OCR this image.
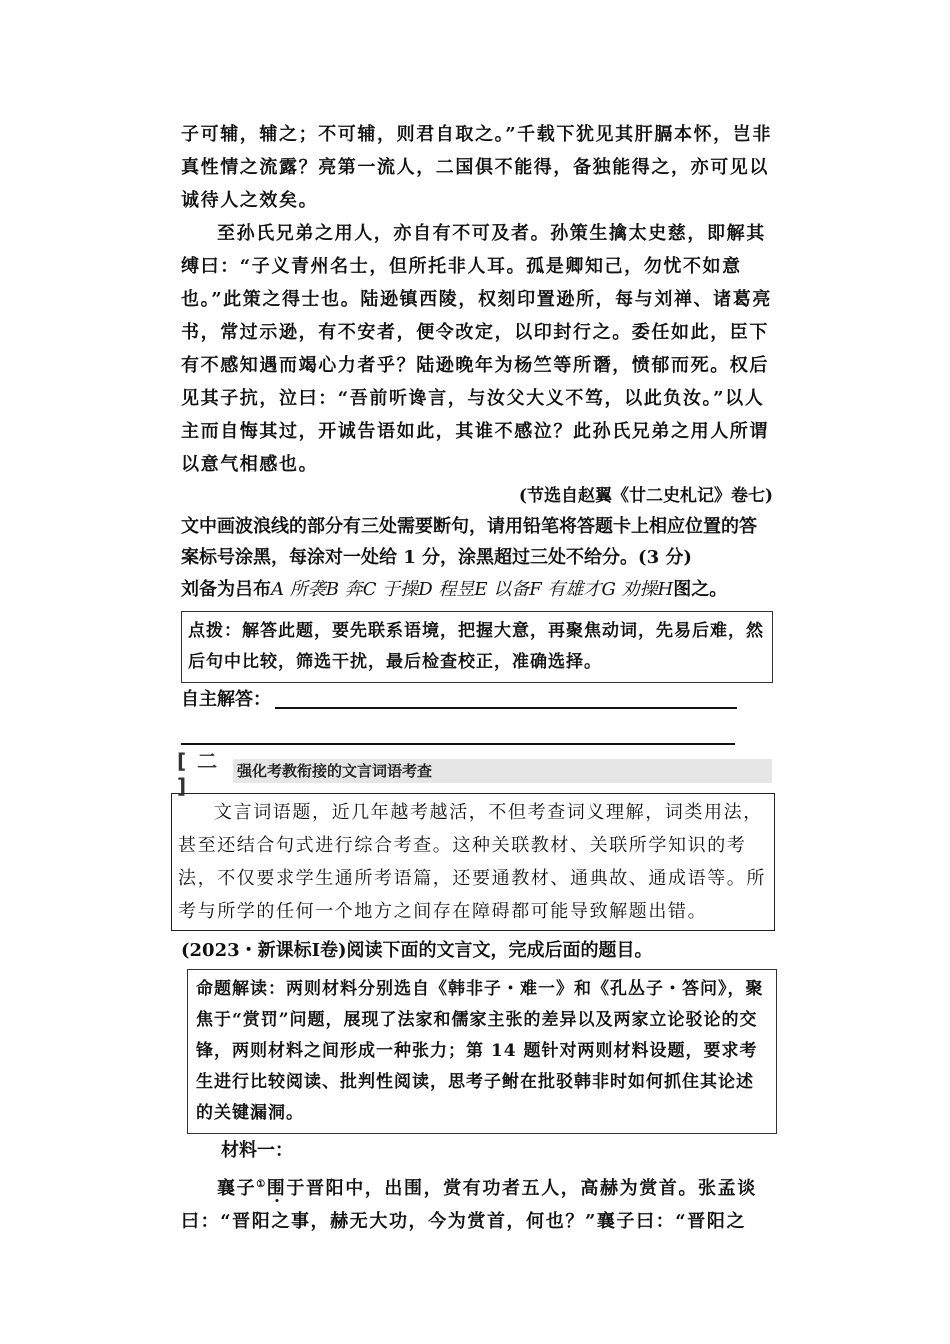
子可辅，辅之；不可辅，则君自取之。”千载下犹见其肝膈本怀，岂非真性情之流露？亮第一流人，二国俱不能得，备独能得之，亦可见以诚待人之效矣。

至孙氏兄弟之用人，亦自有不可及者。孙策生擒太史慈，即解其缚曰：“子义青州名士，但所托非人耳。孤是卿知己，勿忧不如意也。”此策之得士也。陆逊镇西陵，权刻印置逊所，每与刘禅、诸葛亮书，常过示逊，有不安者，便令改定，以印封行之。委任如此，臣下有不感知遇而竭心力者乎？陆逊晚年为杨竺等所谮，愤郁而死。权后见其子抗，泣曰：“吾前听谗言，与汝父大义不笃，以此负汝。”以人主而自悔其过，开诚告语如此，其谁不感泣？此孙氏兄弟之用人所谓以意气相感也。

(节选自赵翼《廿二史札记》卷七)

文中画波浪线的部分有三处需要断句，请用铅笔将答题卡上相应位置的答案标号涂黑，每涂对一处给 1 分，涂黑超过三处不给分。(3 分)

刘备为吕布A 所袭B 奔C 于操D 程昱E 以备F 有雄才G 劝操H图之。

点拨：解答此题，要先联系语境，把握大意，再聚焦动词，先易后难，然后句中比较，筛选干扰，最后检查校正，准确选择。
自主解答：
[ 二 ]
强化考教衔接的文言词语考查

文言词语题，近几年越考越活，不但考查词义理解，词类用法，甚至还结合句式进行综合考查。这种关联教材、关联所学知识的考法，不仅要求学生通所考语篇，还要通教材、通典故、通成语等。所考与所学的任何一个地方之间存在障碍都可能导致解题出错。

(2023・新课标Ⅰ卷)阅读下面的文言文，完成后面的题目。

命题解读：两则材料分别选自《韩非子・难一》和《孔丛子・答问》，聚焦于“赏罚”问题，展现了法家和儒家主张的差异以及两家立论驳论的交锋，两则材料之间形成一种张力；第 14 题针对两则材料设题，要求考生进行比较阅读、批判性阅读，思考子鲋在批驳韩非时如何抓住其论述的关键漏洞。

材料一：

襄子①围于晋阳中，出围，赏有功者五人，高赫为赏首。张孟谈曰：“晋阳之事，赫无大功，今为赏首，何也？”襄子曰：“晋阳之
